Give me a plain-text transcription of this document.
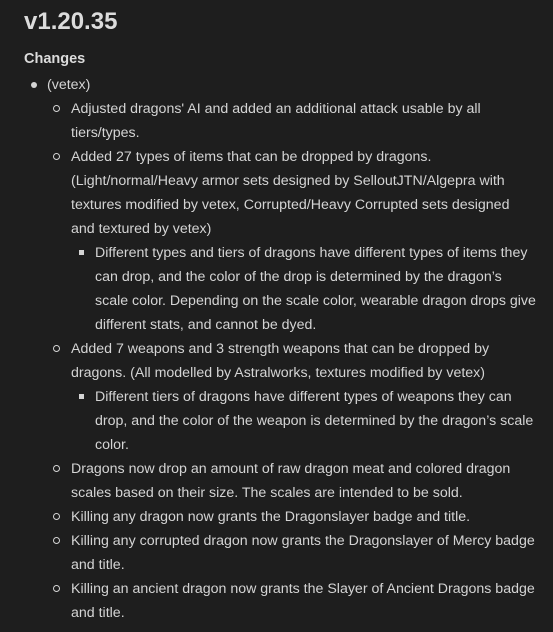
v1.20.35
Changes
(vetex)
Adjusted dragons' AI and added an additional attack usable by all tiers/types.
Added 27 types of items that can be dropped by dragons. (Light/normal/Heavy armor sets designed by SelloutJTN/Algepra with textures modified by vetex, Corrupted/Heavy Corrupted sets designed and textured by vetex)
Different types and tiers of dragons have different types of items they can drop, and the color of the drop is determined by the dragon’s scale color. Depending on the scale color, wearable dragon drops give different stats, and cannot be dyed.
Added 7 weapons and 3 strength weapons that can be dropped by dragons. (All modelled by Astralworks, textures modified by vetex)
Different tiers of dragons have different types of weapons they can drop, and the color of the weapon is determined by the dragon’s scale color.
Dragons now drop an amount of raw dragon meat and colored dragon scales based on their size. The scales are intended to be sold.
Killing any dragon now grants the Dragonslayer badge and title.
Killing any corrupted dragon now grants the Dragonslayer of Mercy badge and title.
Killing an ancient dragon now grants the Slayer of Ancient Dragons badge and title.
